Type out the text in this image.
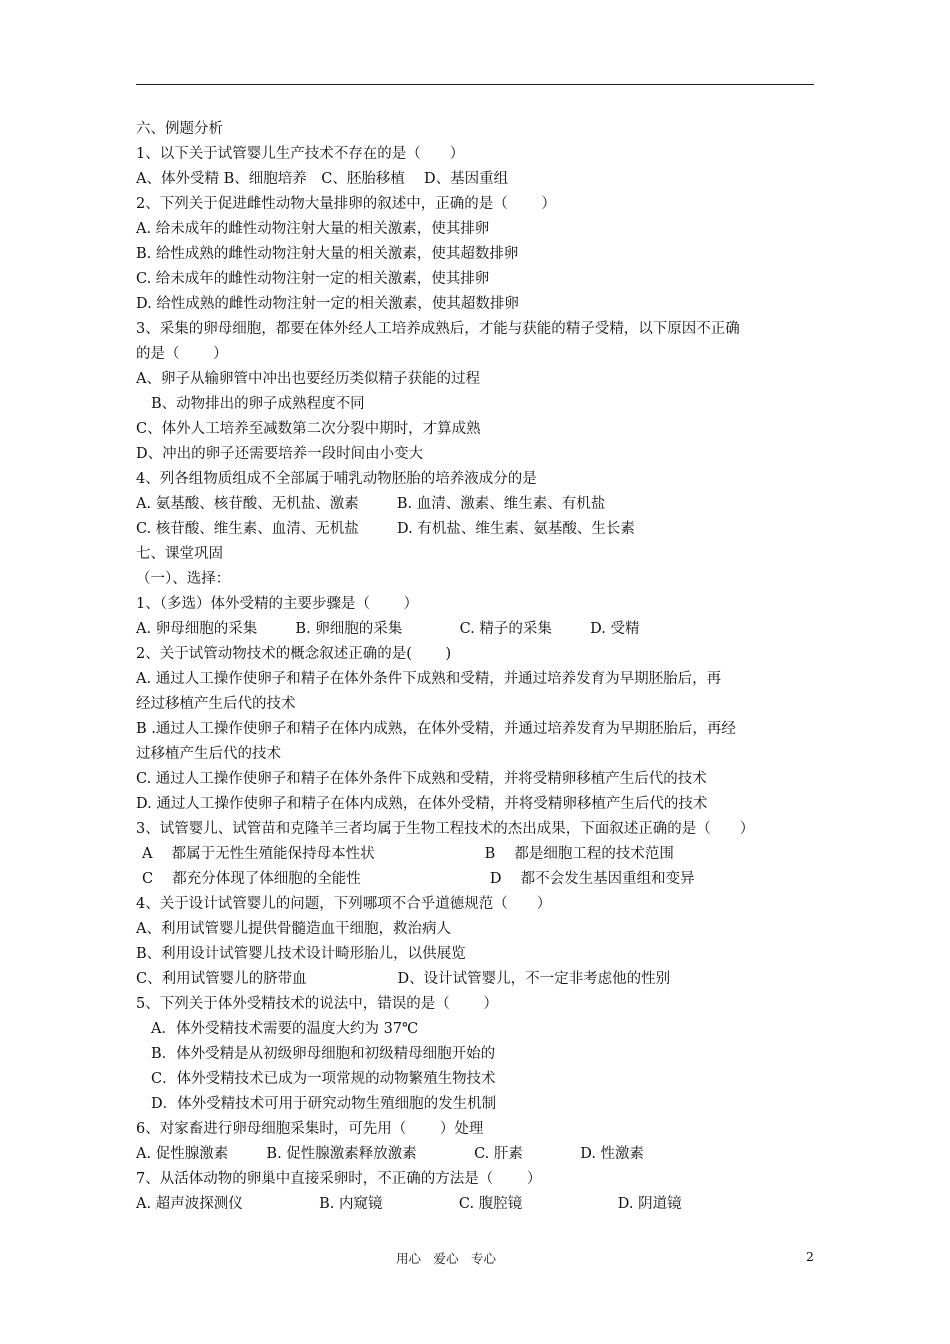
六、例题分析
1、以下关于试管婴儿生产技术不存在的是（　　）
A、体外受精 B、细胞培养　C、胚胎移植　 D、基因重组
2、下列关于促进雌性动物大量排卵的叙述中，正确的是（　　 ）
A. 给未成年的雌性动物注射大量的相关激素，使其排卵
B. 给性成熟的雌性动物注射大量的相关激素，使其超数排卵
C. 给未成年的雌性动物注射一定的相关激素，使其排卵
D. 给性成熟的雌性动物注射一定的相关激素，使其超数排卵
3、采集的卵母细胞，都要在体外经人工培养成熟后，才能与获能的精子受精，以下原因不正确
的是（　　 ）
A、卵子从输卵管中冲出也要经历类似精子获能的过程
B、动物排出的卵子成熟程度不同
C、体外人工培养至减数第二次分裂中期时，才算成熟
D、冲出的卵子还需要培养一段时间由小变大
4、列各组物质组成不全部属于哺乳动物胚胎的培养液成分的是
A. 氨基酸、核苷酸、无机盐、激素　 　 B. 血清、激素、维生素、有机盐
C. 核苷酸、维生素、血清、无机盐　 　 D. 有机盐、维生素、氨基酸、生长素
七、课堂巩固
（一）、选择：
1、（多选）体外受精的主要步骤是（　　 ）
A. 卵母细胞的采集　 　 B. 卵细胞的采集　 　 　 C. 精子的采集　 　 D. 受精
2、关于试管动物技术的概念叙述正确的是(　　 )
A. 通过人工操作使卵子和精子在体外条件下成熟和受精，并通过培养发育为早期胚胎后，再
经过移植产生后代的技术
B .通过人工操作使卵子和精子在体内成熟，在体外受精，并通过培养发育为早期胚胎后，再经
过移植产生后代的技术
C. 通过人工操作使卵子和精子在体外条件下成熟和受精，并将受精卵移植产生后代的技术
D. 通过人工操作使卵子和精子在体内成熟，在体外受精，并将受精卵移植产生后代的技术
3、试管婴儿、试管苗和克隆羊三者均属于生物工程技术的杰出成果，下面叙述正确的是（　　）
A　 都属于无性生殖能保持母本性状　　 　 　 　 　 B　 都是细胞工程的技术范围
C　 都充分体现了体细胞的全能性　　 　 　 　 　 　 D　 都不会发生基因重组和变异
4、关于设计试管婴儿的问题，下列哪项不合乎道德规范（　　）
A、利用试管婴儿提供骨髓造血干细胞，救治病人
B、利用设计试管婴儿技术设计畸形胎儿，以供展览
C、利用试管婴儿的脐带血　　 　 　 　 D、设计试管婴儿，不一定非考虑他的性别
5、下列关于体外受精技术的说法中，错误的是（　　 ）
A．体外受精技术需要的温度大约为 37℃
B．体外受精是从初级卵母细胞和初级精母细胞开始的
C．体外受精技术已成为一项常规的动物繁殖生物技术
D．体外受精技术可用于研究动物生殖细胞的发生机制
6、对家畜进行卵母细胞采集时，可先用（　　 ）处理
A. 促性腺激素　 　 B. 促性腺激素释放激素　 　 　 C. 肝素　 　 　 D. 性激素
7、从活体动物的卵巢中直接采卵时，不正确的方法是（　　 ）
A. 超声波探测仪　 　 　 　 B. 内窥镜　 　 　 　 C. 腹腔镜　 　 　 　 　 D. 阴道镜
用心　爱心　专心	2
